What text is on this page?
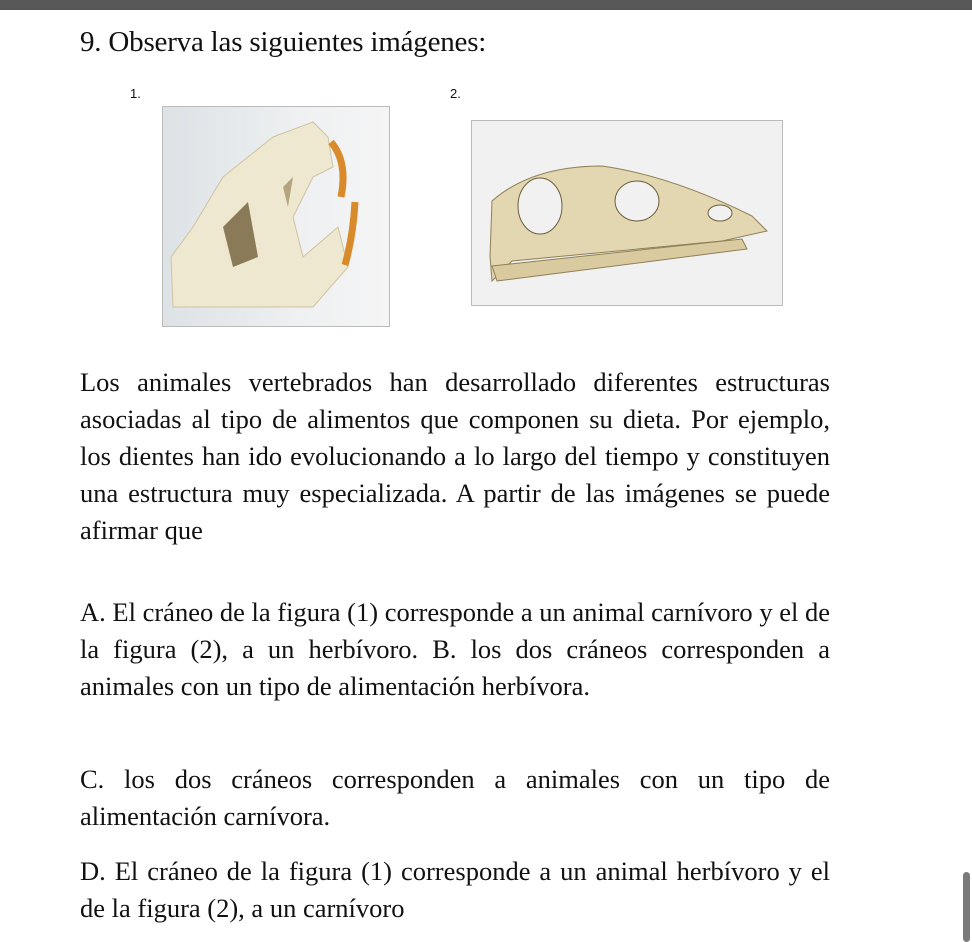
9. Observa las siguientes imágenes:
1.	2.
Los animales vertebrados han desarrollado diferentes estructuras asociadas al tipo de alimentos que componen su dieta. Por ejemplo, los dientes han ido evolucionando a lo largo del tiempo y constituyen una estructura muy especializada. A partir de las imágenes se puede afirmar que
A. El cráneo de la figura (1) corresponde a un animal carnívoro y el de la figura (2), a un herbívoro. B. los dos cráneos corresponden a animales con un tipo de alimentación herbívora.
C. los dos cráneos corresponden a animales con un tipo de alimentación carnívora.
D. El cráneo de la figura (1) corresponde a un animal herbívoro y el de la figura (2), a un carnívoro
